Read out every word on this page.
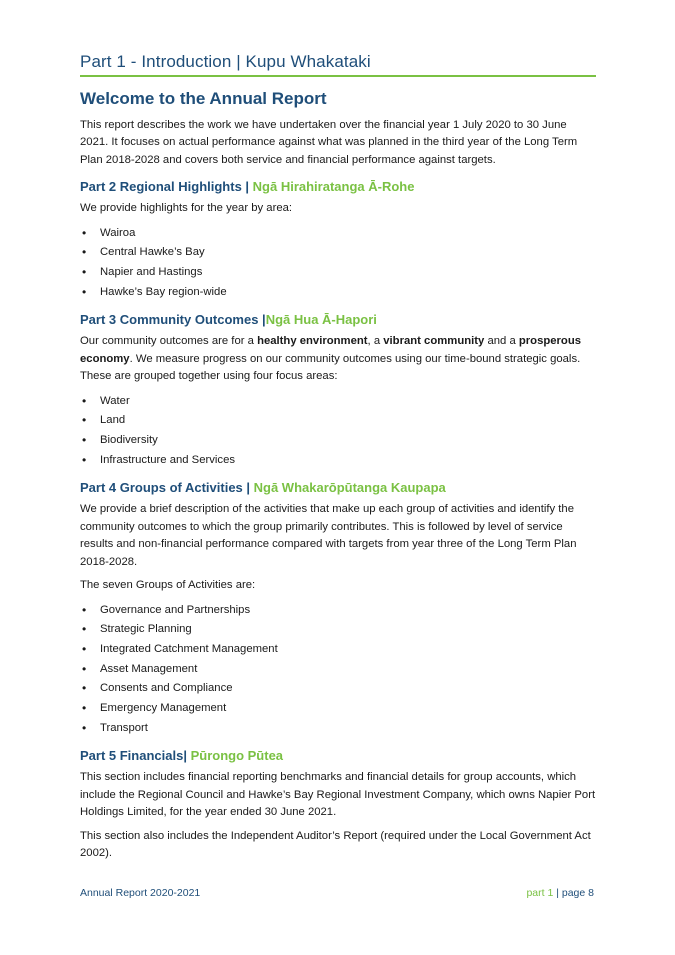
Part 1 - Introduction | Kupu Whakataki
Welcome to the Annual Report

This report describes the work we have undertaken over the financial year 1 July 2020 to 30 June 2021. It focuses on actual performance against what was planned in the third year of the Long Term Plan 2018-2028 and covers both service and financial performance against targets.

Part 2 Regional Highlights | Ngā Hirahiratanga Ā-Rohe

We provide highlights for the year by area:

• Wairoa
• Central Hawke’s Bay
• Napier and Hastings
• Hawke’s Bay region-wide
Part 3 Community Outcomes |Ngā Hua Ā-Hapori

Our community outcomes are for a healthy environment, a vibrant community and a prosperous economy. We measure progress on our community outcomes using our time-bound strategic goals. These are grouped together using four focus areas:

• Water
• Land
• Biodiversity
• Infrastructure and Services
Part 4 Groups of Activities | Ngā Whakarōpūtanga Kaupapa

We provide a brief description of the activities that make up each group of activities and identify the community outcomes to which the group primarily contributes. This is followed by level of service results and non-financial performance compared with targets from year three of the Long Term Plan 2018-2028.

The seven Groups of Activities are:

• Governance and Partnerships
• Strategic Planning
• Integrated Catchment Management
• Asset Management
• Consents and Compliance
• Emergency Management
• Transport
Part 5 Financials| Pūrongo Pūtea

This section includes financial reporting benchmarks and financial details for group accounts, which include the Regional Council and Hawke’s Bay Regional Investment Company, which owns Napier Port Holdings Limited, for the year ended 30 June 2021.

This section also includes the Independent Auditor’s Report (required under the Local Government Act 2002).

Annual Report 2020-2021	part 1 | page 8
